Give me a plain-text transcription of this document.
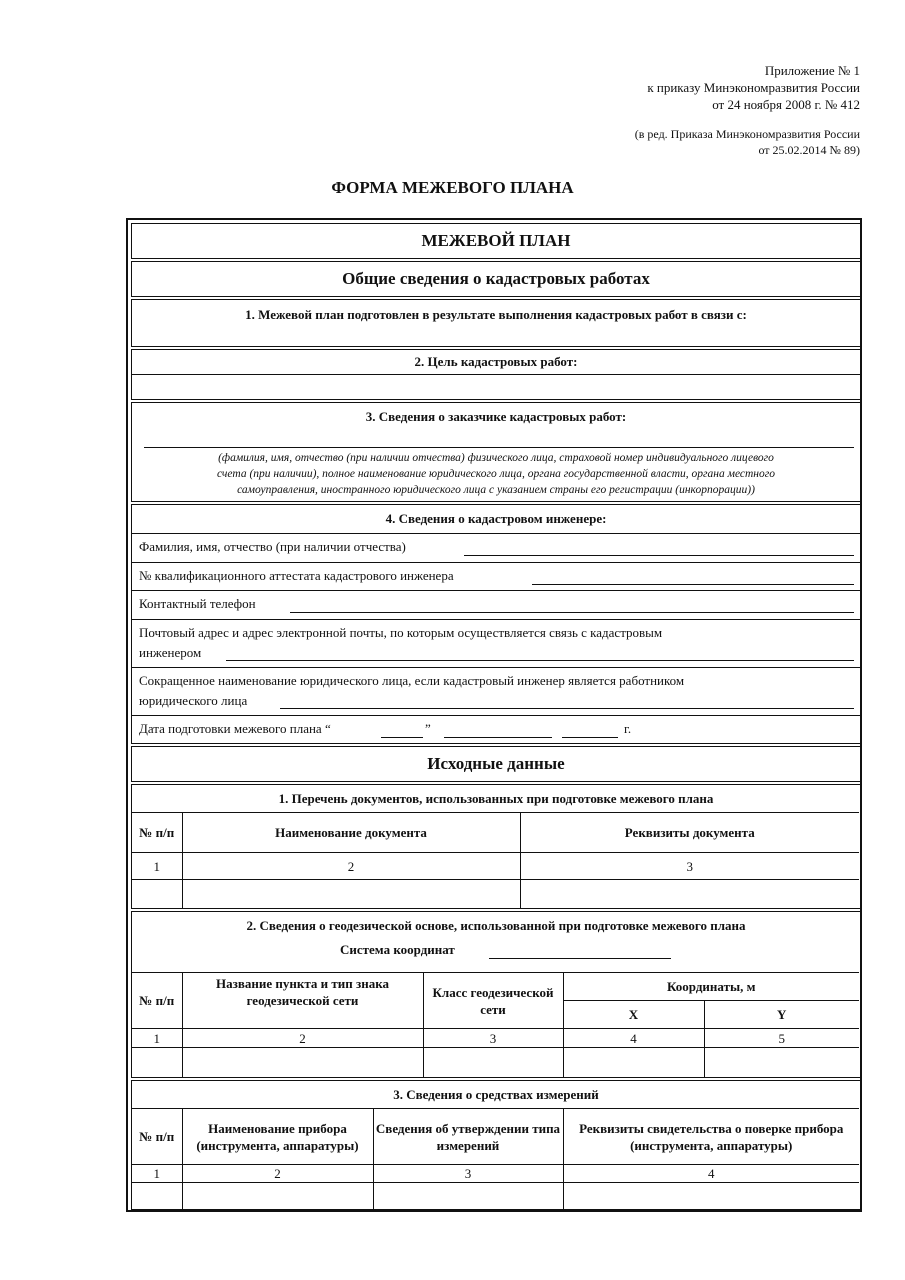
Приложение № 1
к приказу Минэкономразвития России
от 24 ноября 2008 г. № 412
(в ред. Приказа Минэкономразвития России
от 25.02.2014 № 89)
ФОРМА МЕЖЕВОГО ПЛАНА
МЕЖЕВОЙ ПЛАН
Общие сведения о кадастровых работах
1. Межевой план подготовлен в результате выполнения кадастровых работ в связи с:
2. Цель кадастровых работ:
3. Сведения о заказчике кадастровых работ:
(фамилия, имя, отчество (при наличии отчества) физического лица, страховой номер индивидуального лицевого
счета (при наличии), полное наименование юридического лица, органа государственной власти, органа местного
самоуправления, иностранного юридического лица с указанием страны его регистрации (инкорпорации))
4. Сведения о кадастровом инженере:
Фамилия, имя, отчество (при наличии отчества)
№ квалификационного аттестата кадастрового инженера
Контактный телефон
Почтовый адрес и адрес электронной почты, по которым осуществляется связь с кадастровым
инженером
Сокращенное наименование юридического лица, если кадастровый инженер является работником
юридического лица
Дата подготовки межевого плана “	”	г.
Исходные данные
1. Перечень документов, использованных при подготовке межевого плана
№ п/п	Наименование документа	Реквизиты документа
1	2	3

2. Сведения о геодезической основе, использованной при подготовке межевого плана
Система координат
№ п/п	Название пункта и тип знака геодезической сети	Класс геодезической сети	Координаты, м	
			X	Y
1	2	3	4	5

3. Сведения о средствах измерений
№ п/п	Наименование прибора (инструмента, аппаратуры)	Сведения об утверждении типа измерений	Реквизиты свидетельства о поверке прибора (инструмента, аппаратуры)
1	2	3	4
